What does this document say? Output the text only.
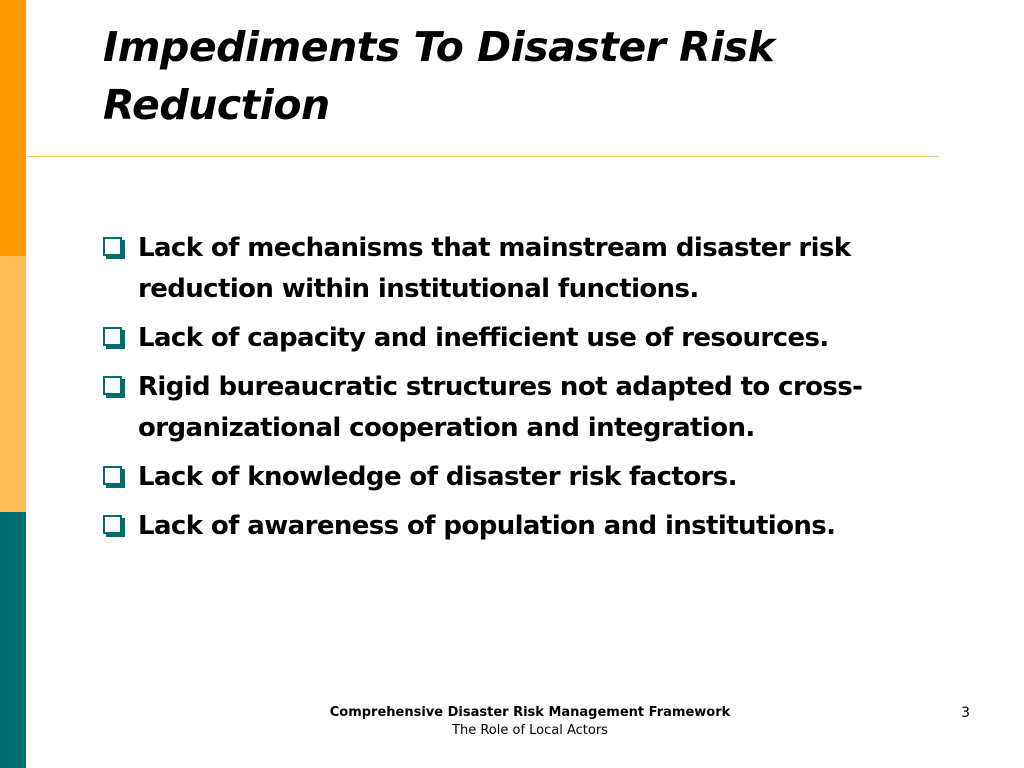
Impediments To Disaster Risk
Reduction
Lack of mechanisms that mainstream disaster risk reduction within institutional functions.
Lack of capacity and inefficient use of resources.
Rigid bureaucratic structures not adapted to cross-organizational cooperation and integration.
Lack of knowledge of disaster risk factors.
Lack of awareness of population and institutions.
Comprehensive Disaster Risk Management Framework
The Role of Local Actors
3
